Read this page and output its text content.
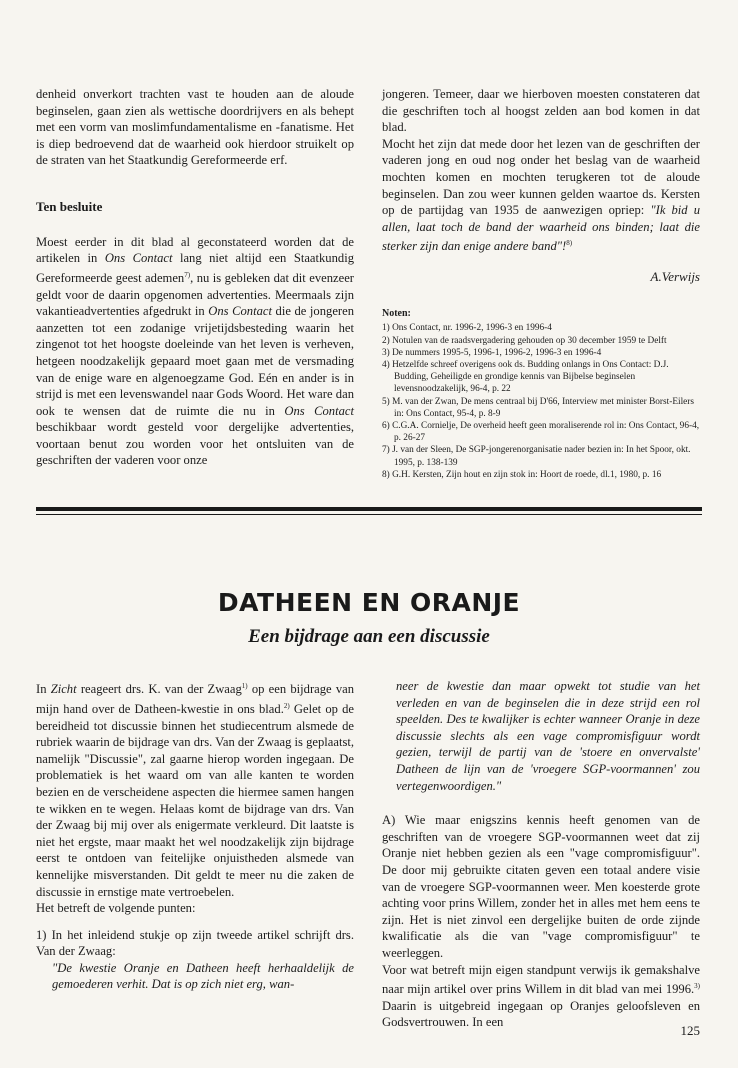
denheid onverkort trachten vast te houden aan de aloude beginselen, gaan zien als wettische doordrijvers en als behept met een vorm van moslimfundamentalisme en -fanatisme. Het is diep bedroevend dat de waarheid ook hierdoor struikelt op de straten van het Staatkundig Gereformeerde erf.

Ten besluite

Moest eerder in dit blad al geconstateerd worden dat de artikelen in Ons Contact lang niet altijd een Staatkundig Gereformeerde geest ademen$^{7)}$, nu is gebleken dat dit evenzeer geldt voor de daarin opgenomen advertenties. Meermaals zijn vakantieadvertenties afgedrukt in Ons Contact die de jongeren aanzetten tot een zodanige vrijetijdsbesteding waarin het zingenot tot het hoogste doeleinde van het leven is verheven, hetgeen noodzakelijk gepaard moet gaan met de versmading van de enige ware en algenoegzame God. Eén en ander is in strijd is met een levenswandel naar Gods Woord. Het ware dan ook te wensen dat de ruimte die nu in Ons Contact beschikbaar wordt gesteld voor dergelijke advertenties, voortaan benut zou worden voor het ontsluiten van de geschriften der vaderen voor onze

jongeren. Temeer, daar we hierboven moesten constateren dat die geschriften toch al hoogst zelden aan bod komen in dat blad.

Mocht het zijn dat mede door het lezen van de geschriften der vaderen jong en oud nog onder het beslag van de waarheid mochten komen en mochten terugkeren tot de aloude beginselen. Dan zou weer kunnen gelden waartoe ds. Kersten op de partijdag van 1935 de aanwezigen opriep: "Ik bid u allen, laat toch de band der waarheid ons binden; laat die sterker zijn dan enige andere band"!$^{8)}$

A.Verwijs

Noten:

1) Ons Contact, nr. 1996-2, 1996-3 en 1996-4
2) Notulen van de raadsvergadering gehouden op 30 december 1959 te Delft
3) De nummers 1995-5, 1996-1, 1996-2, 1996-3 en 1996-4
4) Hetzelfde schreef overigens ook ds. Budding onlangs in Ons Contact: D.J. Budding, Geheiligde en grondige kennis van Bijbelse beginselen levensnoodzakelijk, 96-4, p. 22
5) M. van der Zwan, De mens centraal bij D'66, Interview met minister Borst-Eilers in: Ons Contact, 95-4, p. 8-9
6) C.G.A. Cornielje, De overheid heeft geen moraliserende rol in: Ons Contact, 96-4, p. 26-27
7) J. van der Sleen, De SGP-jongerenorganisatie nader bezien in: In het Spoor, okt. 1995, p. 138-139
8) G.H. Kersten, Zijn hout en zijn stok in: Hoort de roede, dl.1, 1980, p. 16
DATHEEN EN ORANJE
Een bijdrage aan een discussie

In Zicht reageert drs. K. van der Zwaag$^{1)}$ op een bijdrage van mijn hand over de Datheen-kwestie in ons blad.$^{2)}$ Gelet op de bereidheid tot discussie binnen het studiecentrum alsmede de rubriek waarin de bijdrage van drs. Van der Zwaag is geplaatst, namelijk "Discussie", zal gaarne hierop worden ingegaan. De problematiek is het waard om van alle kanten te worden bezien en de verscheidene aspecten die hiermee samen hangen te wikken en te wegen. Helaas komt de bijdrage van drs. Van der Zwaag bij mij over als enigermate verkleurd. Dit laatste is niet het ergste, maar maakt het wel noodzakelijk zijn bijdrage eerst te ontdoen van feitelijke onjuistheden alsmede van kennelijke misverstanden. Dit geldt te meer nu die zaken de discussie in ernstige mate vertroebelen.

Het betreft de volgende punten:

1) In het inleidend stukje op zijn tweede artikel schrijft drs. Van der Zwaag:

"De kwestie Oranje en Datheen heeft herhaaldelijk de gemoederen verhit. Dat is op zich niet erg, wan-

neer de kwestie dan maar opwekt tot studie van het verleden en van de beginselen die in deze strijd een rol speelden. Des te kwalijker is echter wanneer Oranje in deze discussie slechts als een vage compromisfiguur wordt gezien, terwijl de partij van de 'stoere en onvervalste' Datheen de lijn van de 'vroegere SGP-voormannen' zou vertegenwoordigen."

A) Wie maar enigszins kennis heeft genomen van de geschriften van de vroegere SGP-voormannen weet dat zij Oranje niet hebben gezien als een "vage compromisfiguur". De door mij gebruikte citaten geven een totaal andere visie van de vroegere SGP-voormannen weer. Men koesterde grote achting voor prins Willem, zonder het in alles met hem eens te zijn. Het is niet zinvol een dergelijke buiten de orde zijnde kwalificatie als die van "vage compromisfiguur" te weerleggen.

Voor wat betreft mijn eigen standpunt verwijs ik gemakshalve naar mijn artikel over prins Willem in dit blad van mei 1996.$^{3)}$ Daarin is uitgebreid ingegaan op Oranjes geloofsleven en Godsvertrouwen. In een

125
